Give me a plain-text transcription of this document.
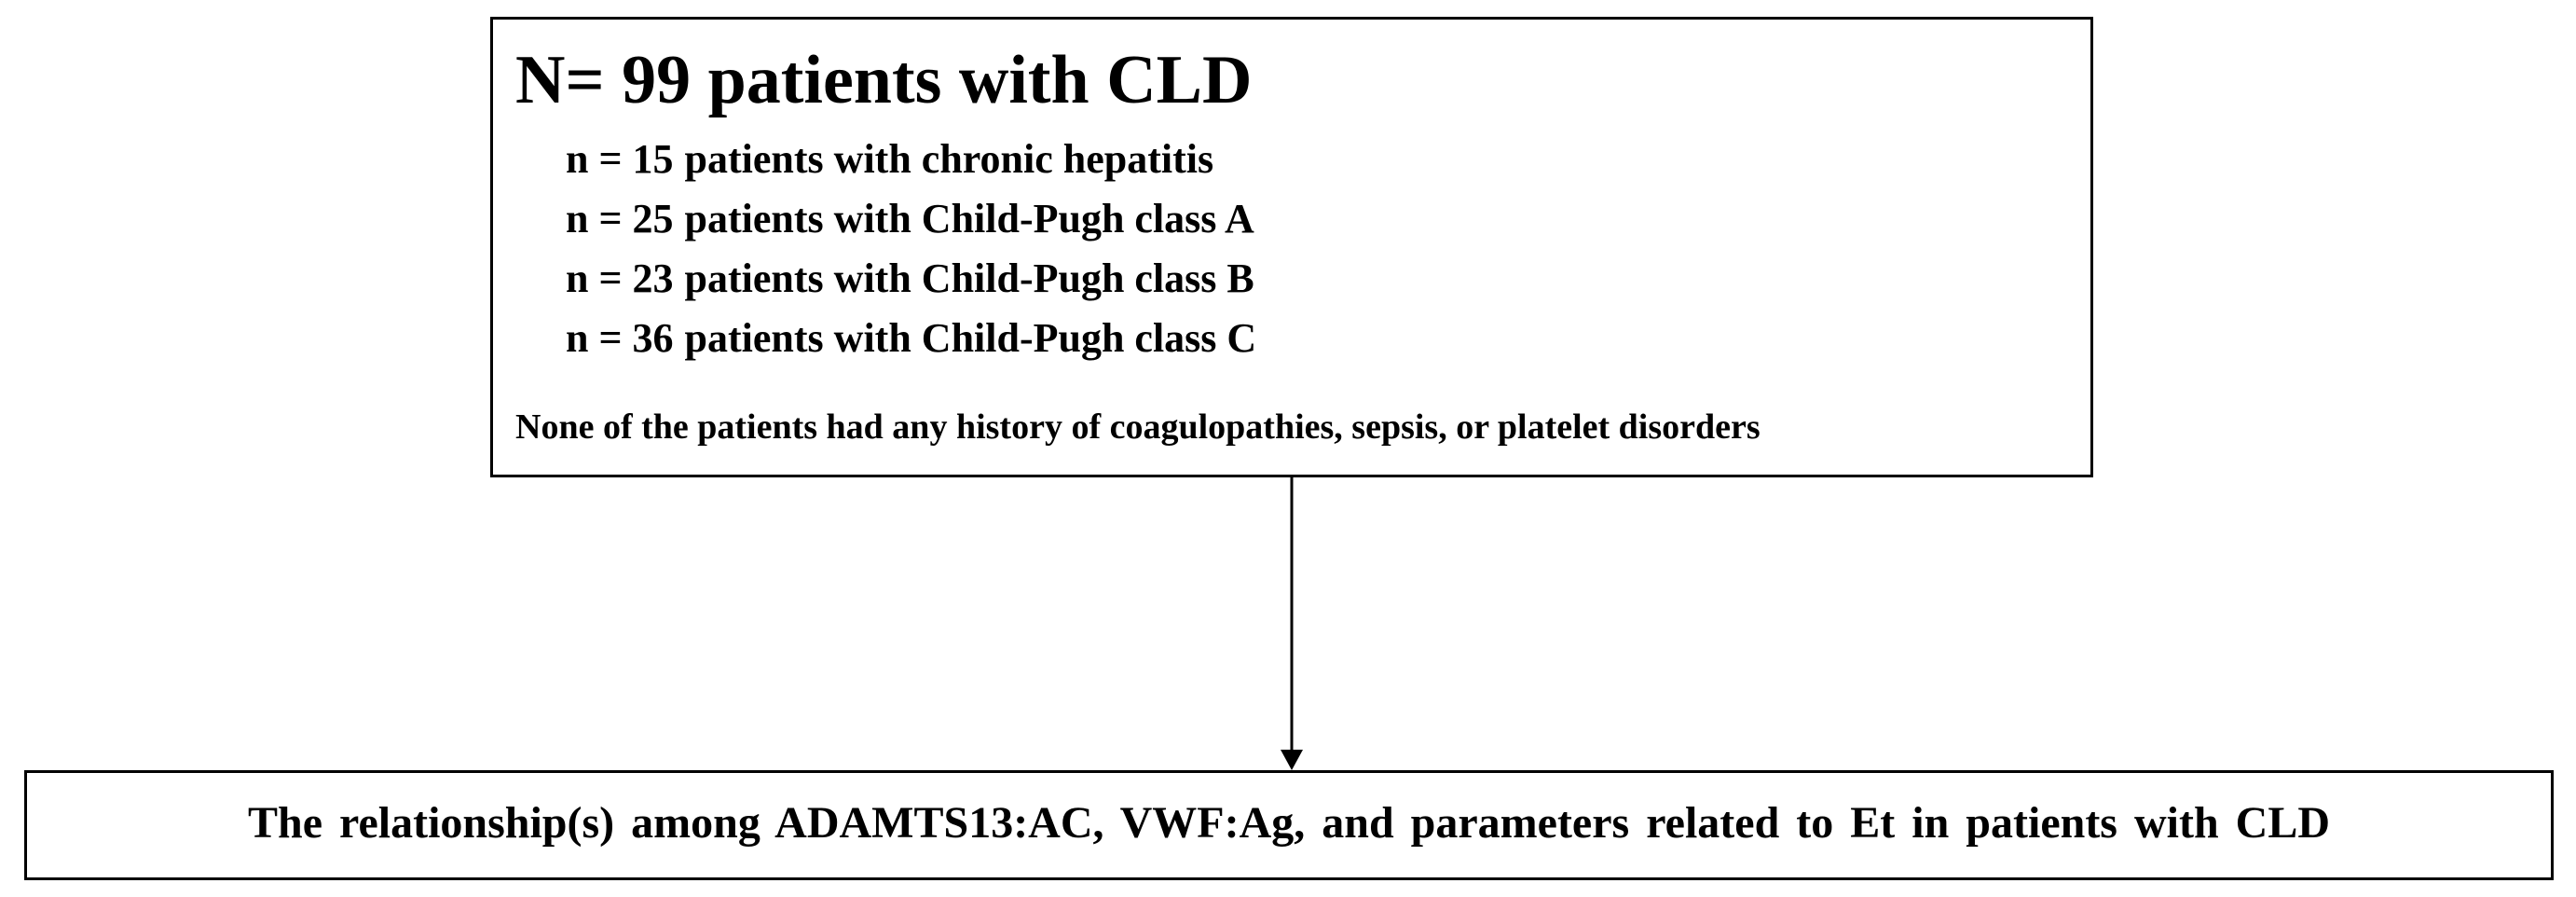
N= 99 patients with CLD
n = 15 patients with chronic hepatitis
n = 25 patients with Child-Pugh class A
n = 23 patients with Child-Pugh class B
n = 36 patients with Child-Pugh class C
None of the patients had any history of coagulopathies, sepsis, or platelet disorders
The relationship(s) among ADAMTS13:AC, VWF:Ag, and parameters related to Et in patients with CLD
